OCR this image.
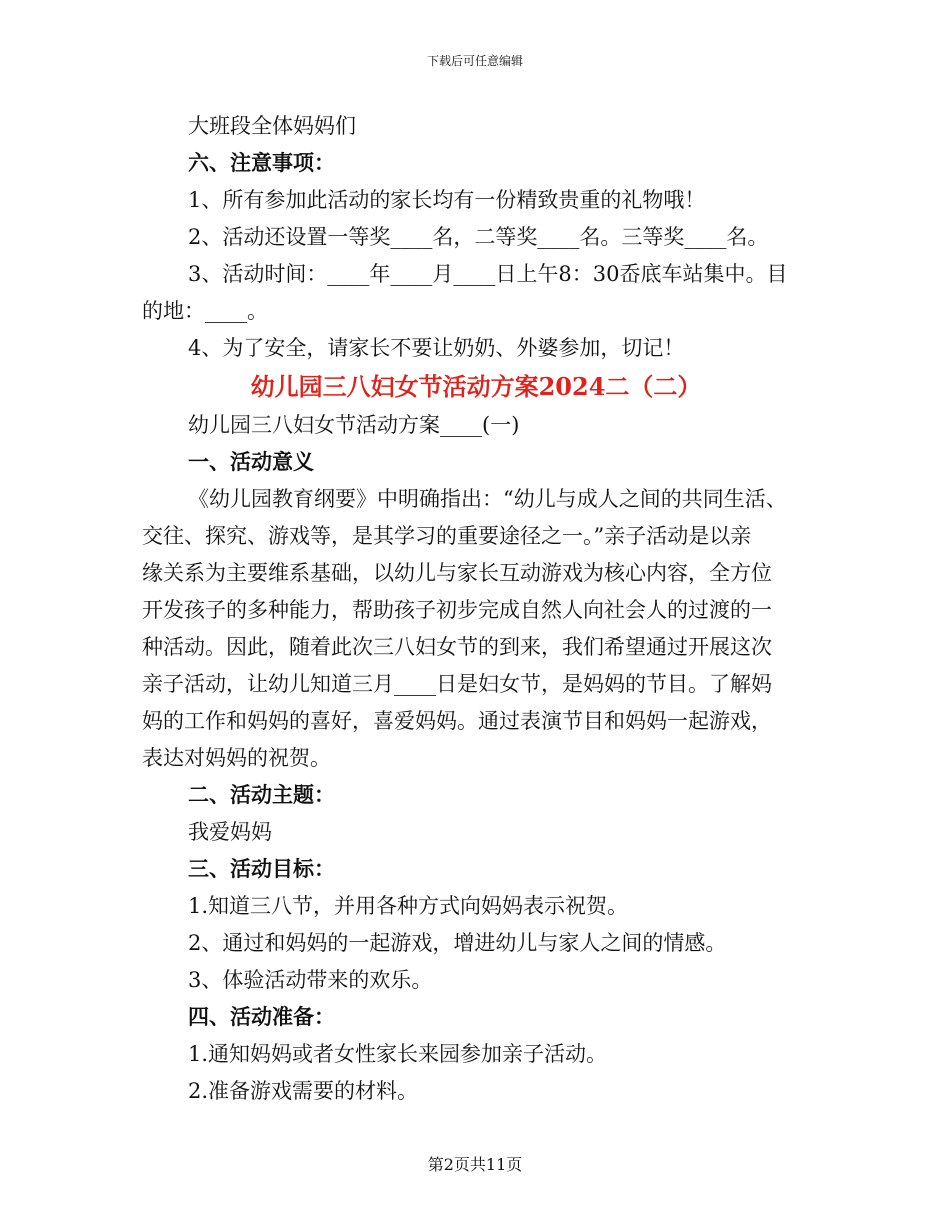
下载后可任意编辑

大班段全体妈妈们

六、注意事项：

1、所有参加此活动的家长均有一份精致贵重的礼物哦！

2、活动还设置一等奖____名，二等奖____名。三等奖____名。

3、活动时间：____年____月____日上午8：30岙底车站集中。目

的地：____。

4、为了安全，请家长不要让奶奶、外婆参加，切记！

幼儿园三八妇女节活动方案2024二（二）

幼儿园三八妇女节活动方案____(一)

一、活动意义

《幼儿园教育纲要》中明确指出：“幼儿与成人之间的共同生活、

交往、探究、游戏等，是其学习的重要途径之一。”亲子活动是以亲

缘关系为主要维系基础，以幼儿与家长互动游戏为核心内容，全方位

开发孩子的多种能力，帮助孩子初步完成自然人向社会人的过渡的一

种活动。因此，随着此次三八妇女节的到来，我们希望通过开展这次

亲子活动，让幼儿知道三月____日是妇女节，是妈妈的节目。了解妈

妈的工作和妈妈的喜好，喜爱妈妈。通过表演节目和妈妈一起游戏，

表达对妈妈的祝贺。

二、活动主题：

我爱妈妈

三、活动目标：

1.知道三八节，并用各种方式向妈妈表示祝贺。

2、通过和妈妈的一起游戏，增进幼儿与家人之间的情感。

3、体验活动带来的欢乐。

四、活动准备：

1.通知妈妈或者女性家长来园参加亲子活动。

2.准备游戏需要的材料。

第2页共11页
